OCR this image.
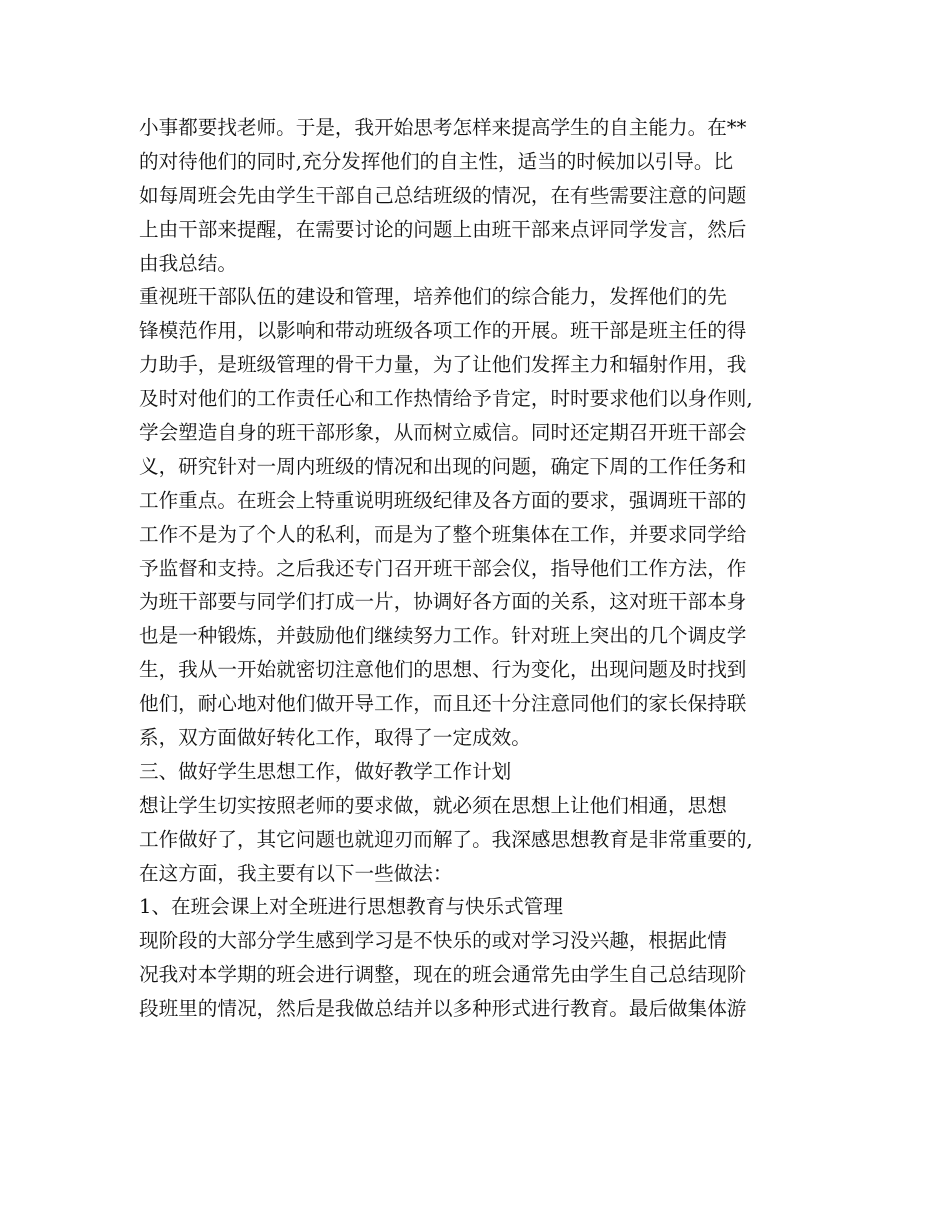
小事都要找老师。于是，我开始思考怎样来提高学生的自主能力。在**
的对待他们的同时,充分发挥他们的自主性，适当的时候加以引导。比
如每周班会先由学生干部自己总结班级的情况，在有些需要注意的问题
上由干部来提醒，在需要讨论的问题上由班干部来点评同学发言，然后
由我总结。
重视班干部队伍的建设和管理，培养他们的综合能力，发挥他们的先
锋模范作用，以影响和带动班级各项工作的开展。班干部是班主任的得
力助手，是班级管理的骨干力量，为了让他们发挥主力和辐射作用，我
及时对他们的工作责任心和工作热情给予肯定，时时要求他们以身作则,
学会塑造自身的班干部形象，从而树立威信。同时还定期召开班干部会
义，研究针对一周内班级的情况和出现的问题，确定下周的工作任务和
工作重点。在班会上特重说明班级纪律及各方面的要求，强调班干部的
工作不是为了个人的私利，而是为了整个班集体在工作，并要求同学给
予监督和支持。之后我还专门召开班干部会仪，指导他们工作方法，作
为班干部要与同学们打成一片，协调好各方面的关系，这对班干部本身
也是一种锻炼，并鼓励他们继续努力工作。针对班上突出的几个调皮学
生，我从一开始就密切注意他们的思想、行为变化，出现问题及时找到
他们，耐心地对他们做开导工作，而且还十分注意同他们的家长保持联
系，双方面做好转化工作，取得了一定成效。
三、做好学生思想工作，做好教学工作计划
想让学生切实按照老师的要求做，就必须在思想上让他们相通，思想
工作做好了，其它问题也就迎刃而解了。我深感思想教育是非常重要的,
在这方面，我主要有以下一些做法：
1、在班会课上对全班进行思想教育与快乐式管理
现阶段的大部分学生感到学习是不快乐的或对学习没兴趣，根据此情
况我对本学期的班会进行调整，现在的班会通常先由学生自己总结现阶
段班里的情况，然后是我做总结并以多种形式进行教育。最后做集体游
